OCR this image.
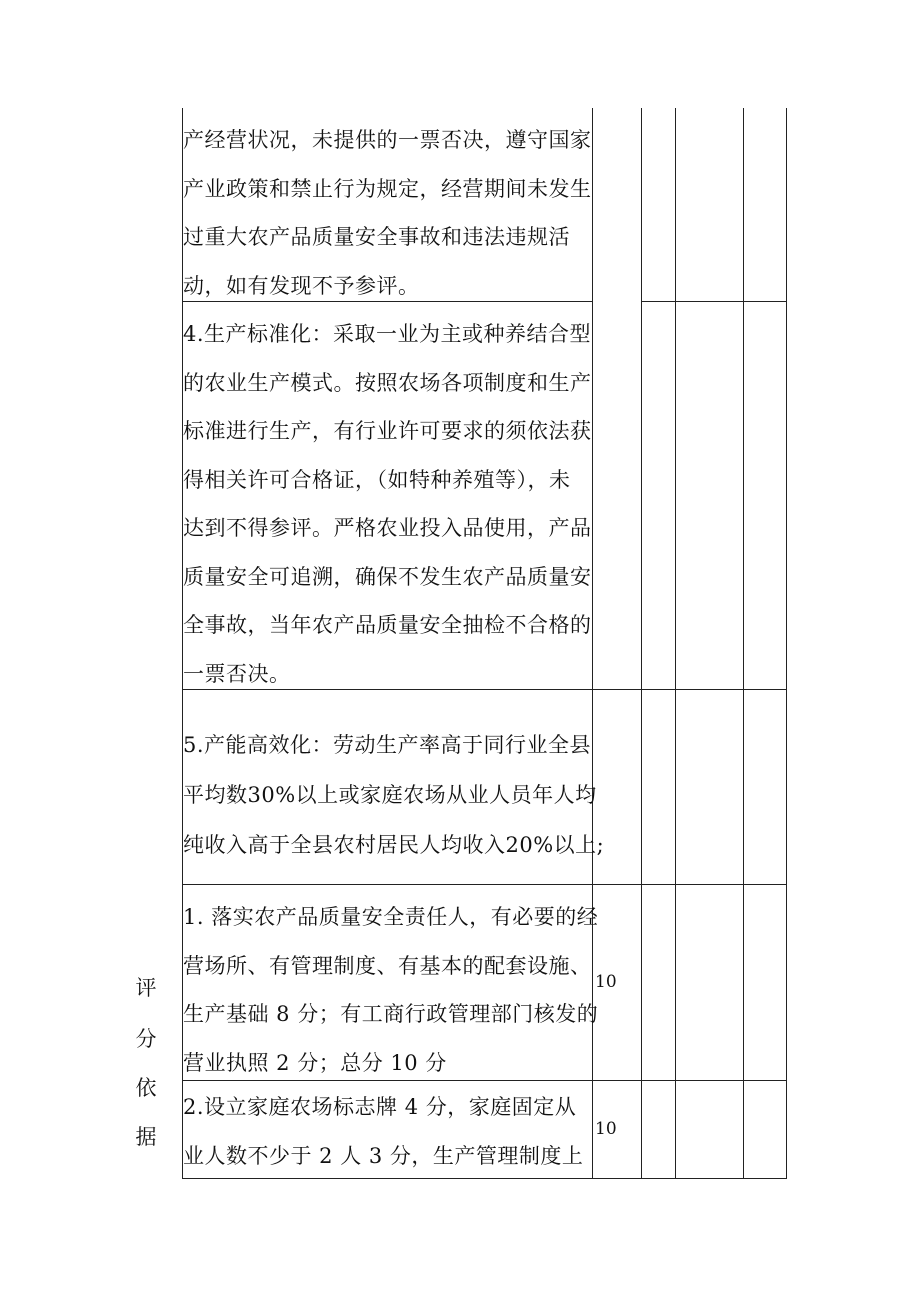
产经营状况，未提供的一票否决，遵守国家
产业政策和禁止行为规定，经营期间未发生
过重大农产品质量安全事故和违法违规活
动，如有发现不予参评。
4.生产标准化：采取一业为主或种养结合型
的农业生产模式。按照农场各项制度和生产
标准进行生产，有行业许可要求的须依法获
得相关许可合格证，（如特种养殖等），未
达到不得参评。严格农业投入品使用，产品
质量安全可追溯，确保不发生农产品质量安
全事故，当年农产品质量安全抽检不合格的
一票否决。
5.产能高效化：劳动生产率高于同行业全县
平均数30%以上或家庭农场从业人员年人均
纯收入高于全县农村居民人均收入20%以上;
1. 落实农产品质量安全责任人，有必要的经
营场所、有管理制度、有基本的配套设施、
生产基础 8 分；有工商行政管理部门核发的
营业执照 2 分；总分 10 分
10
2.设立家庭农场标志牌 4 分，家庭固定从
业人数不少于 2 人 3 分，生产管理制度上
10
评
分
依
据
